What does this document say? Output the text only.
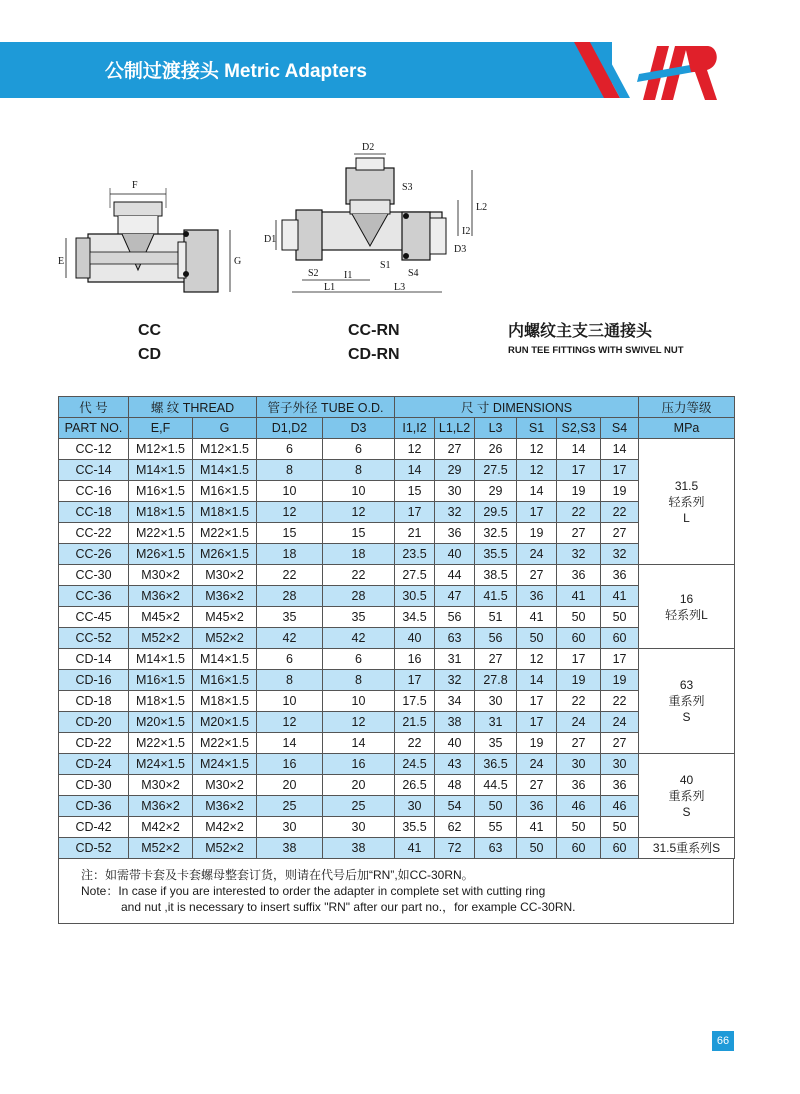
公制过渡接头 Metric Adapters
F
E	G
D2
S3
L2
I2
D3
D1
S2
S1
S4
I1
L1	L3
CC
CD
CC-RN
CD-RN
内螺纹主支三通接头
RUN TEE FITTINGS WITH SWIVEL NUT
代 号	螺 纹 THREAD		管子外径 TUBE O.D.		尺 寸 DIMENSIONS						压力等级
PART NO.	E,F	G	D1,D2	D3	I1,I2	L1,L2	L3	S1	S2,S3	S4	MPa
CC-12	M12×1.5	M12×1.5	6	6	12	27	26	12	14	14	31.5
轻系列
L

CC-14	M14×1.5	M14×1.5	8	8	14	29	27.5	12	17	17	
CC-16	M16×1.5	M16×1.5	10	10	15	30	29	14	19	19	
CC-18	M18×1.5	M18×1.5	12	12	17	32	29.5	17	22	22	
CC-22	M22×1.5	M22×1.5	15	15	21	36	32.5	19	27	27	
CC-26	M26×1.5	M26×1.5	18	18	23.5	40	35.5	24	32	32	
CC-30	M30×2	M30×2	22	22	27.5	44	38.5	27	36	36	16
轻系列L

CC-36	M36×2	M36×2	28	28	30.5	47	41.5	36	41	41	
CC-45	M45×2	M45×2	35	35	34.5	56	51	41	50	50	
CC-52	M52×2	M52×2	42	42	40	63	56	50	60	60	
CD-14	M14×1.5	M14×1.5	6	6	16	31	27	12	17	17	63
重系列
S

CD-16	M16×1.5	M16×1.5	8	8	17	32	27.8	14	19	19	
CD-18	M18×1.5	M18×1.5	10	10	17.5	34	30	17	22	22	
CD-20	M20×1.5	M20×1.5	12	12	21.5	38	31	17	24	24	
CD-22	M22×1.5	M22×1.5	14	14	22	40	35	19	27	27	
CD-24	M24×1.5	M24×1.5	16	16	24.5	43	36.5	24	30	30	40
重系列
S

CD-30	M30×2	M30×2	20	20	26.5	48	44.5	27	36	36	
CD-36	M36×2	M36×2	25	25	30	54	50	36	46	46	
CD-42	M42×2	M42×2	30	30	35.5	62	55	41	50	50	
CD-52	M52×2	M52×2	38	38	41	72	63	50	60	60	31.5重系列S
注：如需带卡套及卡套螺母整套订货，则请在代号后加“RN”,如CC-30RN。
Note：In case if you are interested to order the adapter in complete set with cutting ring
and nut ,it is necessary to insert suffix "RN" after our part no.，for example CC-30RN.
66
